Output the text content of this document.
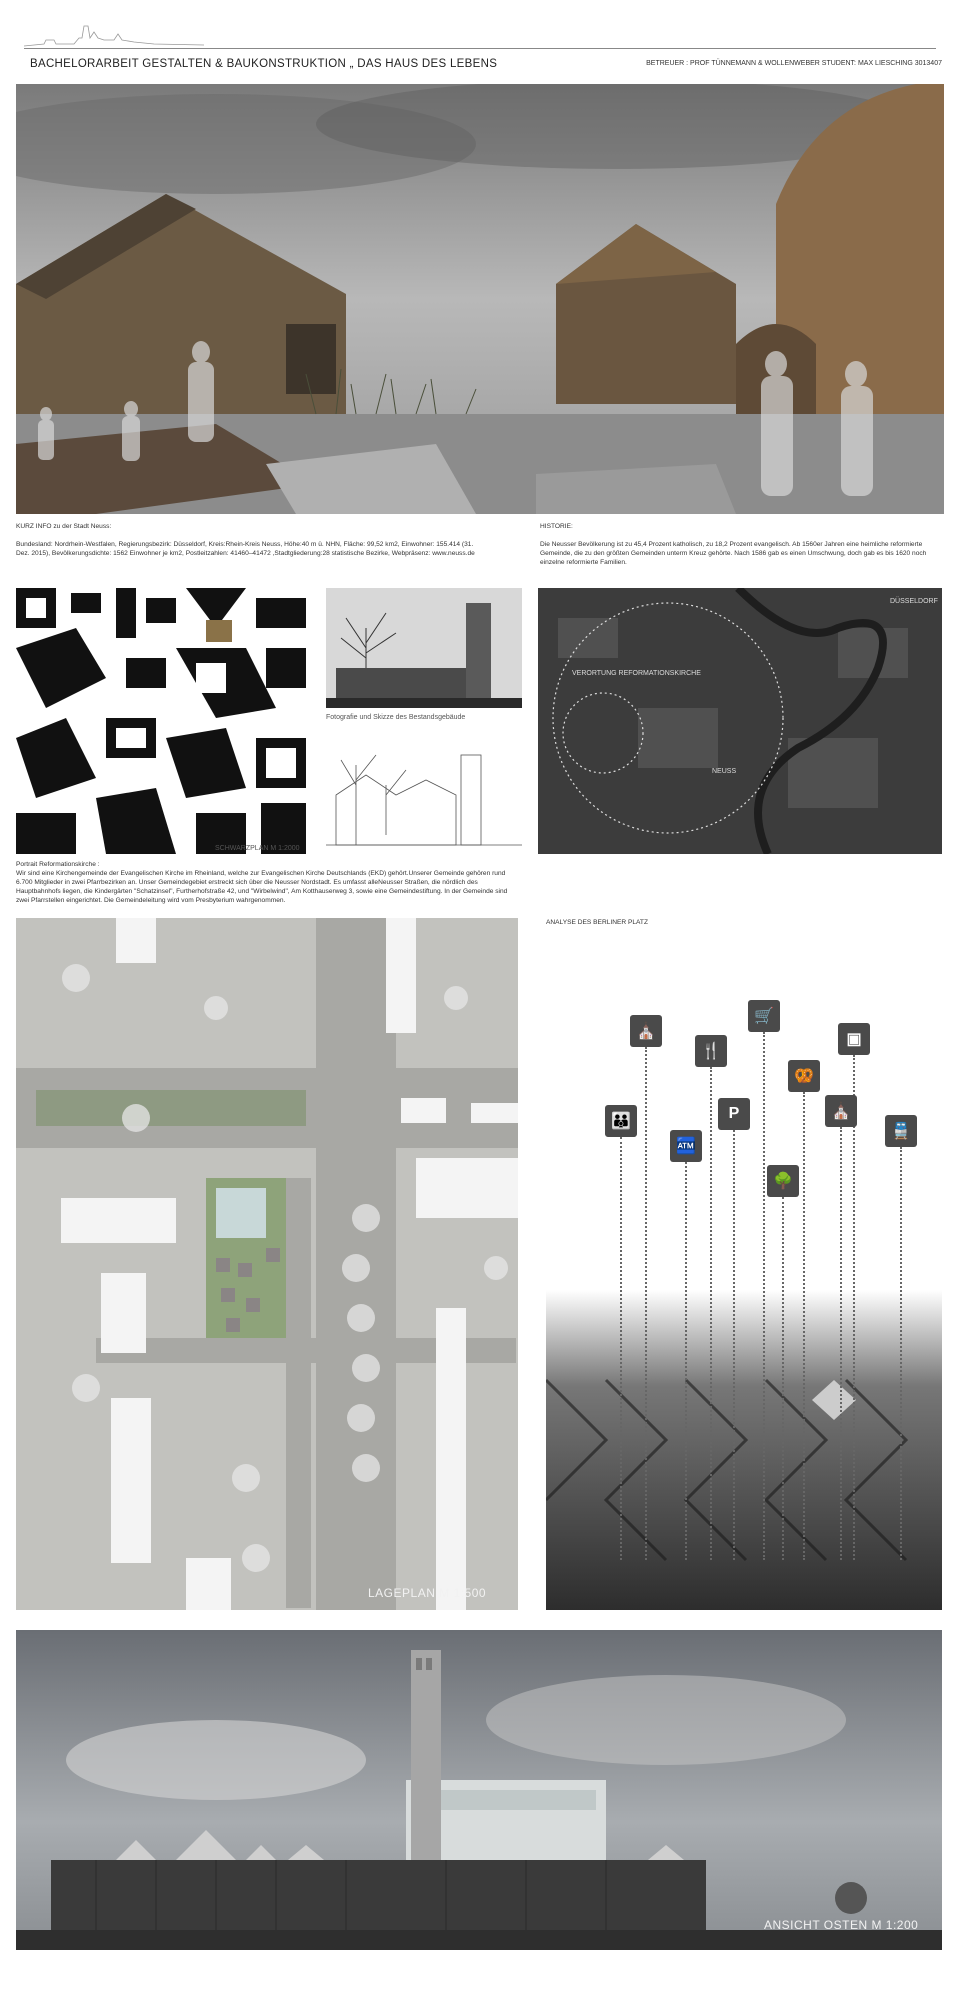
BACHELORARBEIT GESTALTEN & BAUKONSTRUKTION „ DAS HAUS DES LEBENS	BETREUER : PROF TÜNNEMANN & WOLLENWEBER STUDENT: MAX LIESCHING 3013407
KURZ INFO zu der Stadt Neuss:
Bundesland: Nordrhein-Westfalen, Regierungsbezirk: Düsseldorf, Kreis:Rhein-Kreis Neuss, Höhe:40 m ü. NHN, Fläche: 99,52 km2, Einwohner: 155.414 (31. Dez. 2015), Bevölkerungsdichte: 1562 Einwohner je km2, Postleitzahlen: 41460–41472 ,Stadtgliederung:28 statistische Bezirke, Webpräsenz: www.neuss.de
HISTORIE:
Die Neusser Bevölkerung ist zu 45,4 Prozent katholisch, zu 18,2 Prozent evangelisch. Ab 1560er Jahren eine heimliche reformierte Gemeinde, die zu den größten Gemeinden unterm Kreuz gehörte. Nach 1586 gab es einen Umschwung, doch gab es bis 1620 noch einzelne reformierte Familien.
SCHWARZPLAN M 1:2000
Fotografie und Skizze des Bestandsgebäude
DÜSSELDORF
VERORTUNG REFORMATIONSKIRCHE
NEUSS
Portrait Reformationskirche :
Wir sind eine Kirchengemeinde der Evangelischen Kirche im Rheinland, welche zur Evangelischen Kirche Deutschlands (EKD) gehört.Unserer Gemeinde gehören rund 6.700 Mitglieder in zwei Pfarrbezirken an. Unser Gemeindegebiet erstreckt sich über die Neusser Nordstadt. Es umfasst alleNeusser Straßen, die nördlich des Hauptbahnhofs liegen, die Kindergärten "Schatzinsel", Furtherhofstraße 42, und "Wirbelwind", Am Kotthauserweg 3, sowie eine Gemeindestiftung. In der Gemeinde sind zwei Pfarrstellen eingerichtet. Die Gemeindeleitung wird vom Presbyterium wahrgenommen.
LAGEPLAN M 1:500
ANALYSE DES BERLINER PLATZ
⛪
🛒
🍴
🏧
🥨
👪	P
▣
⛪
🚆
🌳
ANSICHT OSTEN M 1:200
